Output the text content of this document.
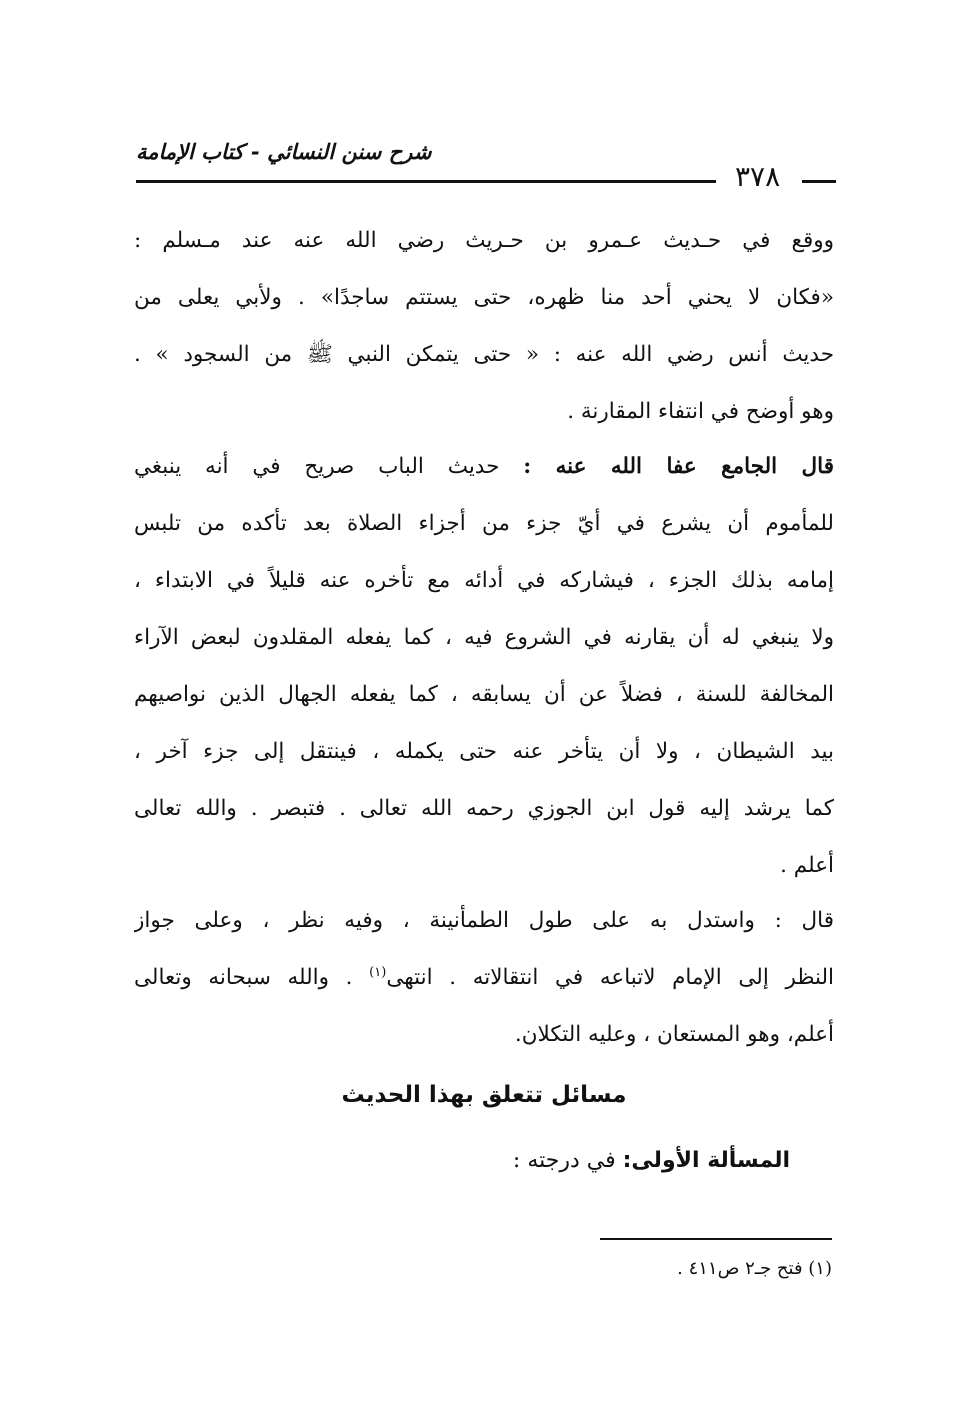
شرح سنن النسائي - كتاب الإمامة
٣٧٨
ووقع في حـديث عـمرو بن حـريث رضي الله عنه عند مـسلم :
«فكان لا يحني أحد منا ظهره، حتى يستتم ساجدًا» . ولأبي يعلى من
حديث أنس رضي الله عنه : « حتى يتمكن النبي ﷺ من السجود » .
وهو أوضح في انتفاء المقارنة .
قال الجامع عفا الله عنه : حديث الباب صريح في أنه ينبغي
للمأموم أن يشرع في أيّ جزء من أجزاء الصلاة بعد تأكده من تلبس
إمامه بذلك الجزء ، فيشاركه في أدائه مع تأخره عنه قليلاً في الابتداء ،
ولا ينبغي له أن يقارنه في الشروع فيه ، كما يفعله المقلدون لبعض الآراء
المخالفة للسنة ، فضلاً عن أن يسابقه ، كما يفعله الجهال الذين نواصيهم
بيد الشيطان ، ولا أن يتأخر عنه حتى يكمله ، فينتقل إلى جزء آخر ،
كما يرشد إليه قول ابن الجوزي رحمه الله تعالى . فتبصر . والله تعالى
أعلم .
قال : واستدل به على طول الطمأنينة ، وفيه نظر ، وعلى جواز
النظر إلى الإمام لاتباعه في انتقالاته . انتهى$^{(١)}$ . والله سبحانه وتعالى
أعلم، وهو المستعان ، وعليه التكلان.
مسائل تتعلق بهذا الحديث
المسألة الأولى: في درجته :
(١) فتح جـ٢ ص٤١١ .
